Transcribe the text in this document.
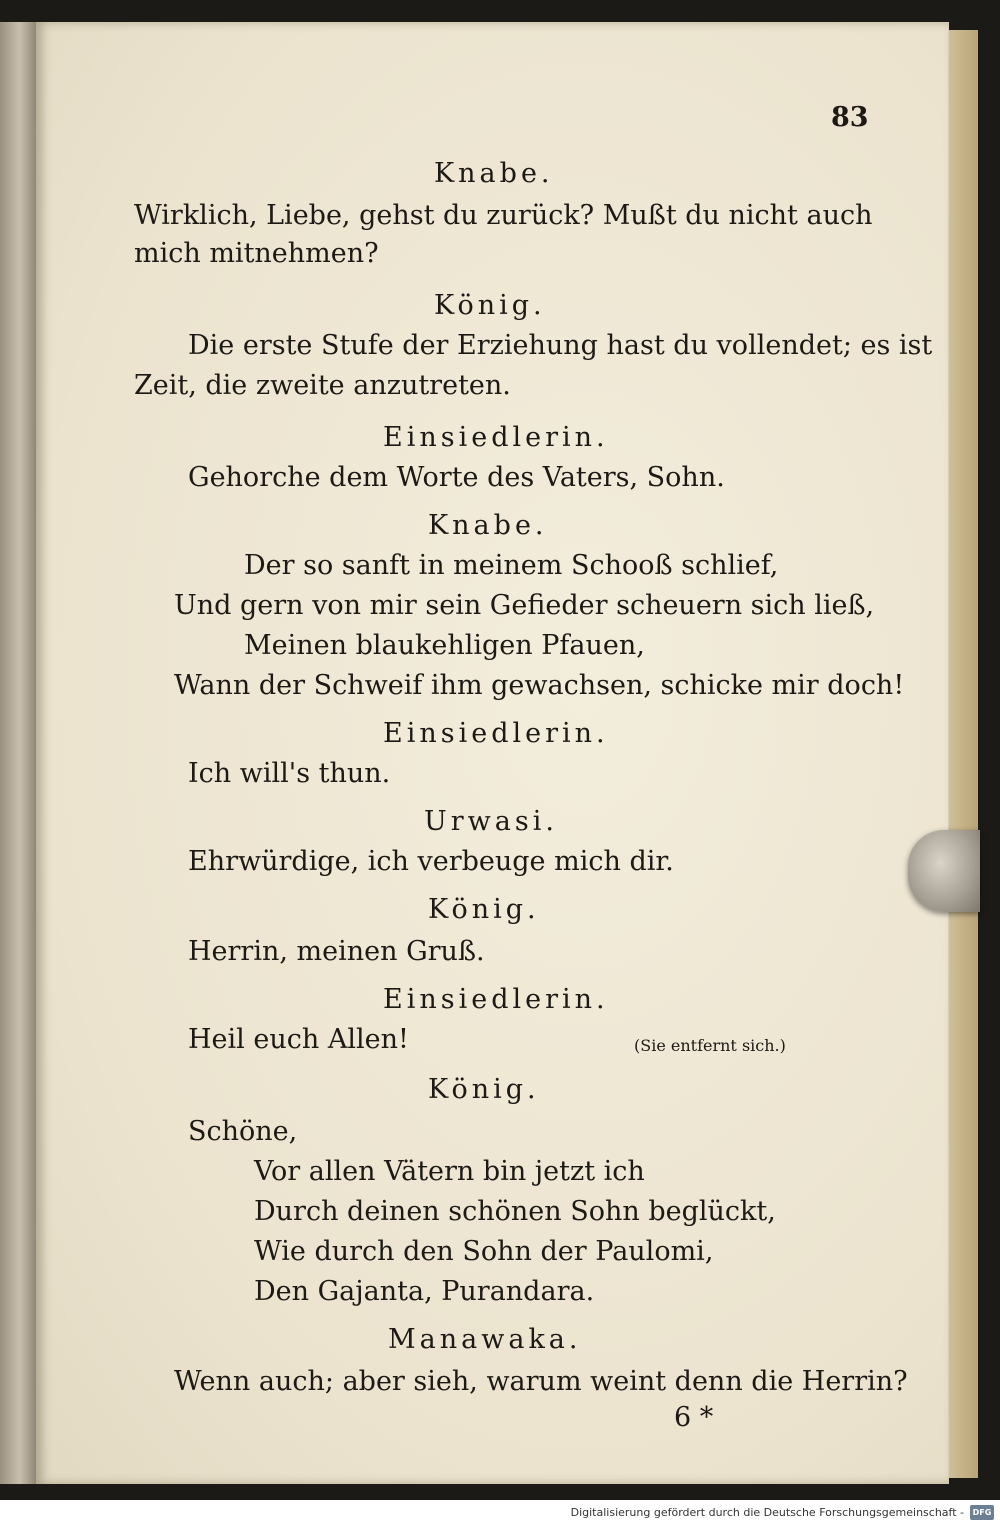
83

Knabe.

Wirklich, Liebe, gehst du zurück? Mußt du nicht auch

mich mitnehmen?

König.

Die erste Stufe der Erziehung hast du vollendet; es ist

Zeit, die zweite anzutreten.

Einsiedlerin.

Gehorche dem Worte des Vaters, Sohn.

Knabe.

Der so sanft in meinem Schooß schlief,

Und gern von mir sein Gefieder scheuern sich ließ,

Meinen blaukehligen Pfauen,

Wann der Schweif ihm gewachsen, schicke mir doch!

Einsiedlerin.

Ich will's thun.

Urwasi.

Ehrwürdige, ich verbeuge mich dir.

König.

Herrin, meinen Gruß.

Einsiedlerin.

Heil euch Allen!	(Sie entfernt sich.)

König.

Schöne,

Vor allen Vätern bin jetzt ich

Durch deinen schönen Sohn beglückt,

Wie durch den Sohn der Paulomi,

Den Gajanta, Purandara.

Manawaka.

Wenn auch; aber sieh, warum weint denn die Herrin?

6 *
Digitalisierung gefördert durch die Deutsche Forschungsgemeinschaft -	DFG
